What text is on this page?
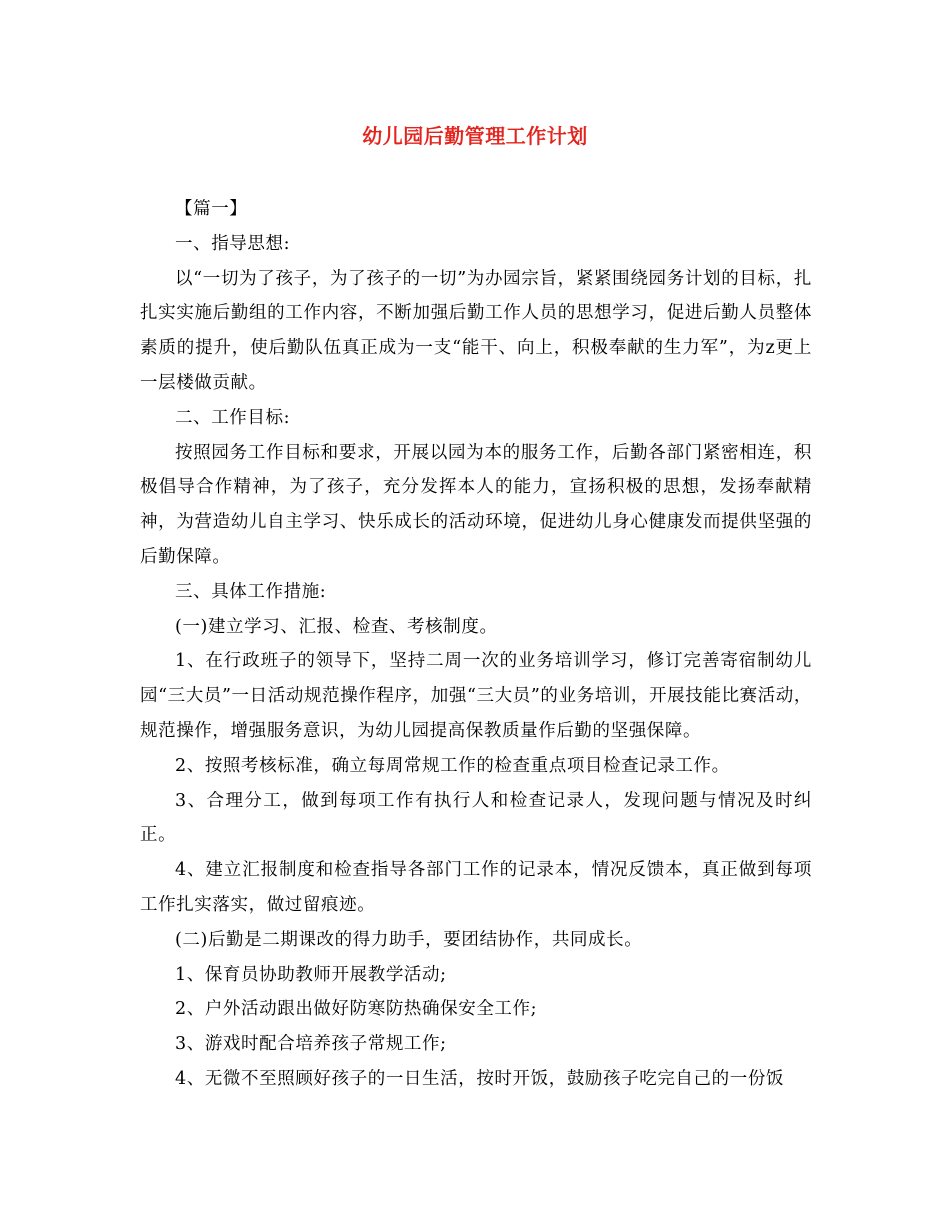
幼儿园后勤管理工作计划

【篇一】

一、指导思想:

以“一切为了孩子，为了孩子的一切”为办园宗旨，紧紧围绕园务计划的目标，扎扎实实施后勤组的工作内容，不断加强后勤工作人员的思想学习，促进后勤人员整体素质的提升，使后勤队伍真正成为一支“能干、向上，积极奉献的生力军”，为z更上一层楼做贡献。

二、工作目标:

按照园务工作目标和要求，开展以园为本的服务工作，后勤各部门紧密相连，积极倡导合作精神，为了孩子，充分发挥本人的能力，宣扬积极的思想，发扬奉献精神，为营造幼儿自主学习、快乐成长的活动环境，促进幼儿身心健康发而提供坚强的后勤保障。

三、具体工作措施:

(一)建立学习、汇报、检查、考核制度。

1、在行政班子的领导下，坚持二周一次的业务培训学习，修订完善寄宿制幼儿园“三大员”一日活动规范操作程序，加强“三大员”的业务培训，开展技能比赛活动，规范操作，增强服务意识，为幼儿园提高保教质量作后勤的坚强保障。

2、按照考核标准，确立每周常规工作的检查重点项目检查记录工作。

3、合理分工，做到每项工作有执行人和检查记录人，发现问题与情况及时纠正。

4、建立汇报制度和检查指导各部门工作的记录本，情况反馈本，真正做到每项工作扎实落实，做过留痕迹。

(二)后勤是二期课改的得力助手，要团结协作，共同成长。

1、保育员协助教师开展教学活动;

2、户外活动跟出做好防寒防热确保安全工作;

3、游戏时配合培养孩子常规工作;

4、无微不至照顾好孩子的一日生活，按时开饭，鼓励孩子吃完自己的一份饭
